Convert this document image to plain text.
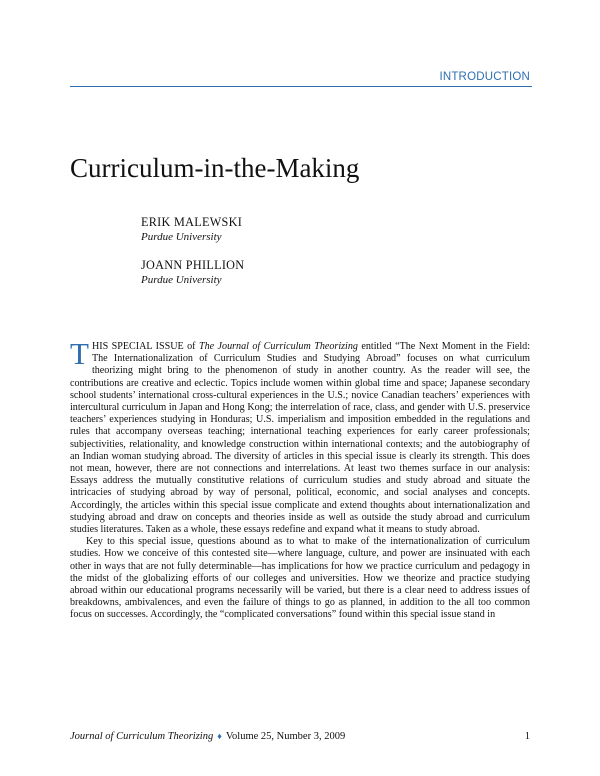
INTRODUCTION
Curriculum-in-the-Making
ERIK MALEWSKI
Purdue University
JOANN PHILLION
Purdue University

THIS SPECIAL ISSUE of The Journal of Curriculum Theorizing entitled “The Next Moment in the Field: The Internationalization of Curriculum Studies and Studying Abroad” focuses on what curriculum theorizing might bring to the phenomenon of study in another country. As the reader will see, the contributions are creative and eclectic. Topics include women within global time and space; Japanese secondary school students’ international cross-cultural experiences in the U.S.; novice Canadian teachers’ experiences with intercultural curriculum in Japan and Hong Kong; the interrelation of race, class, and gender with U.S. preservice teachers’ experiences studying in Honduras; U.S. imperialism and imposition embedded in the regulations and rules that accompany overseas teaching; international teaching experiences for early career professionals; subjectivities, relationality, and knowledge construction within international contexts; and the autobiography of an Indian woman studying abroad. The diversity of articles in this special issue is clearly its strength. This does not mean, however, there are not connections and interrelations. At least two themes surface in our analysis: Essays address the mutually constitutive relations of curriculum studies and study abroad and situate the intricacies of studying abroad by way of personal, political, economic, and social analyses and concepts. Accordingly, the articles within this special issue complicate and extend thoughts about internationalization and studying abroad and draw on concepts and theories inside as well as outside the study abroad and curriculum studies literatures. Taken as a whole, these essays redefine and expand what it means to study abroad.

Key to this special issue, questions abound as to what to make of the internationalization of curriculum studies. How we conceive of this contested site—where language, culture, and power are insinuated with each other in ways that are not fully determinable—has implications for how we practice curriculum and pedagogy in the midst of the globalizing efforts of our colleges and universities. How we theorize and practice studying abroad within our educational programs necessarily will be varied, but there is a clear need to address issues of breakdowns, ambivalences, and even the failure of things to go as planned, in addition to the all too common focus on successes. Accordingly, the “complicated conversations” found within this special issue stand in

Journal of Curriculum Theorizing ♦ Volume 25, Number 3, 2009	1
